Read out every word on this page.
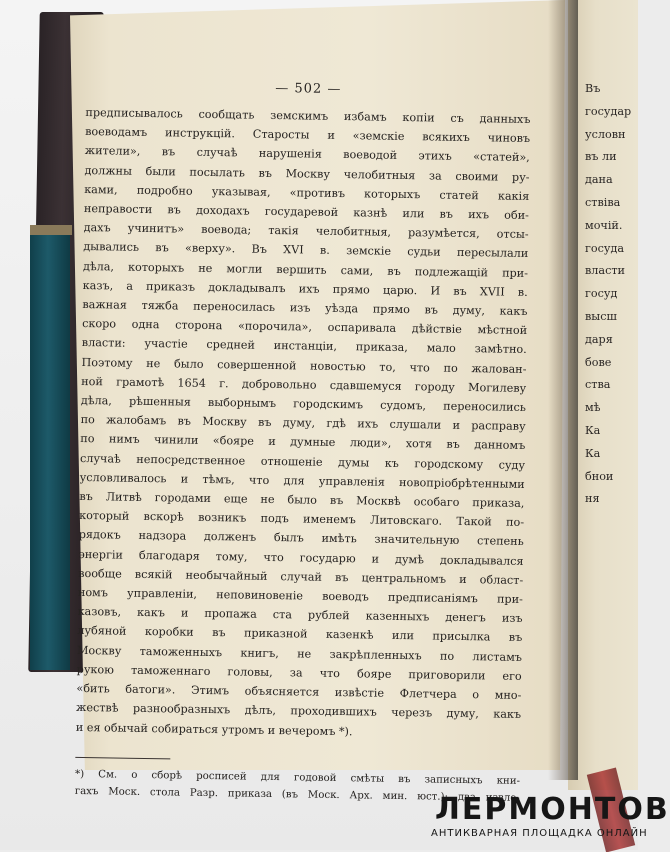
— 502 —
предписывалось сообщать земскимъ избамъ копіи съ данныхъ
воеводамъ инструкцій. Старосты и «земскіе всякихъ чиновъ
жители», въ случаѣ нарушенія воеводой этихъ «статей»,
должны были посылать въ Москву челобитныя за своими ру-
ками, подробно указывая, «противъ которыхъ статей какія
неправости въ доходахъ государевой казнѣ или въ ихъ оби-
дахъ учинитъ» воевода; такія челобитныя, разумѣется, отсы-
дывались въ «верху». Въ XVI в. земскіе судьи пересылали
дѣла, которыхъ не могли вершить сами, въ подлежащій при-
казъ, а приказъ докладывалъ ихъ прямо царю. И въ XVII в.
важная тяжба переносилась изъ уѣзда прямо въ думу, какъ
скоро одна сторона «порочила», оспаривала дѣйствіе мѣстной
власти: участіе средней инстанціи, приказа, мало замѣтно.
Поэтому не было совершенной новостью то, что по жалован-
ной грамотѣ 1654 г. добровольно сдавшемуся городу Могилеву
дѣла, рѣшенныя выборнымъ городскимъ судомъ, переносились
по жалобамъ въ Москву въ думу, гдѣ ихъ слушали и расправу
по нимъ чинили «бояре и думные люди», хотя въ данномъ
случаѣ непосредственное отношеніе думы къ городскому суду
условливалось и тѣмъ, что для управленія новопріобрѣтенными
въ Литвѣ городами еще не было въ Москвѣ особаго приказа,
который вскорѣ возникъ подъ именемъ Литовскаго. Такой по-
рядокъ надзора долженъ былъ имѣть значительную степень
энергіи благодаря тому, что государю и думѣ докладывался
вообще всякій необычайный случай въ центральномъ и облаcт-
номъ управленіи, неповиновеніе воеводъ предписаніямъ при-
казовъ, какъ и пропажа ста рублей казенныхъ денегъ изъ
лубяной коробки въ приказной казенкѣ или присылка въ
Москву таможенныхъ книгъ, не закрѣпленныхъ по листамъ
рукою таможеннаго головы, за что бояре приговорили его
«бить батоги». Этимъ объясняется извѣстіе Флетчера о мно-
жествѣ разнообразныхъ дѣлъ, проходившихъ черезъ думу, какъ
и ея обычай собираться утромъ и вечеромъ *).
*) См. о сборѣ росписей для годовой смѣты въ записныхъ кни-
гахъ Моск. стола Разр. приказа (въ Моск. Арх. мин. юст.); два извле-
Въ
государ
условн
въ ли
дана
ствіва
мочій.
госуда
власти
госуд
высш
даря
бове
ства
мѣ
Ка
Ка
бнои
ня
ЛЕРМОНТОВ
АНТИКВАРНАЯ ПЛОЩАДКА ОНЛАЙН
